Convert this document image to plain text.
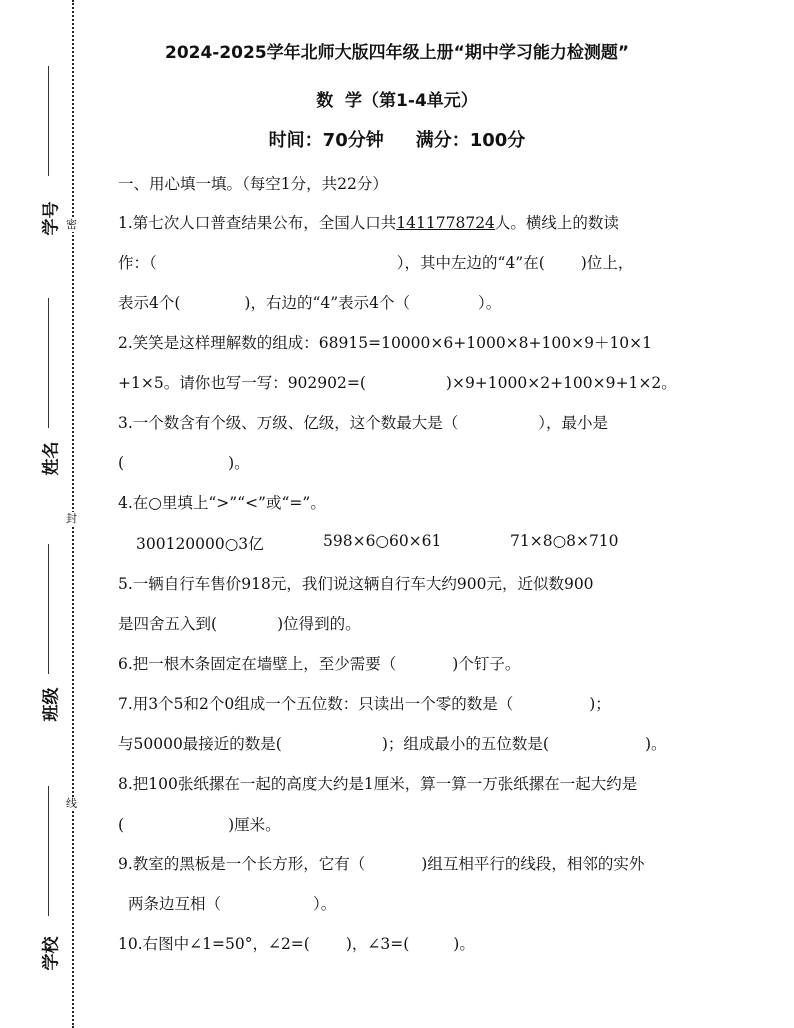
密
封
线
学号
姓名
班级
学校
2024-2025学年北师大版四年级上册“期中学习能力检测题”
数  学（第1-4单元）
时间：70分钟 满分：100分
一、用心填一填。（每空1分，共22分）
1.第七次人口普查结果公布，全国人口共1411778724人。横线上的数读
作：（	），其中左边的“4”在( )位上，
表示4个(	)，右边的“4”表示4个（	）。
2.笑笑是这样理解数的组成：68915=10000×6+1000×8+100×9＋10×1
+1×5。请你也写一写：902902=(	)×9+1000×2+100×9+1×2。
3.一个数含有个级、万级、亿级，这个数最大是（	），最小是
(	)。
4.在○里填上“>”“<”或“=”。
300120000○3亿	598×6○60×61	71×8○8×710
5.一辆自行车售价918元，我们说这辆自行车大约900元，近似数900
是四舍五入到(	)位得到的。
6.把一根木条固定在墙壁上，至少需要（	)个钉子。
7.用3个5和2个0组成一个五位数：只读出一个零的数是（	)；
与50000最接近的数是(	)；组成最小的五位数是(	)。
8.把100张纸摞在一起的高度大约是1厘米，算一算一万张纸摞在一起大约是
(	)厘米。
9.教室的黑板是一个长方形，它有（	)组互相平行的线段，相邻的实外
两条边互相（	）。
10.右图中∠1=50°，∠2=( )，∠3=(	)。
